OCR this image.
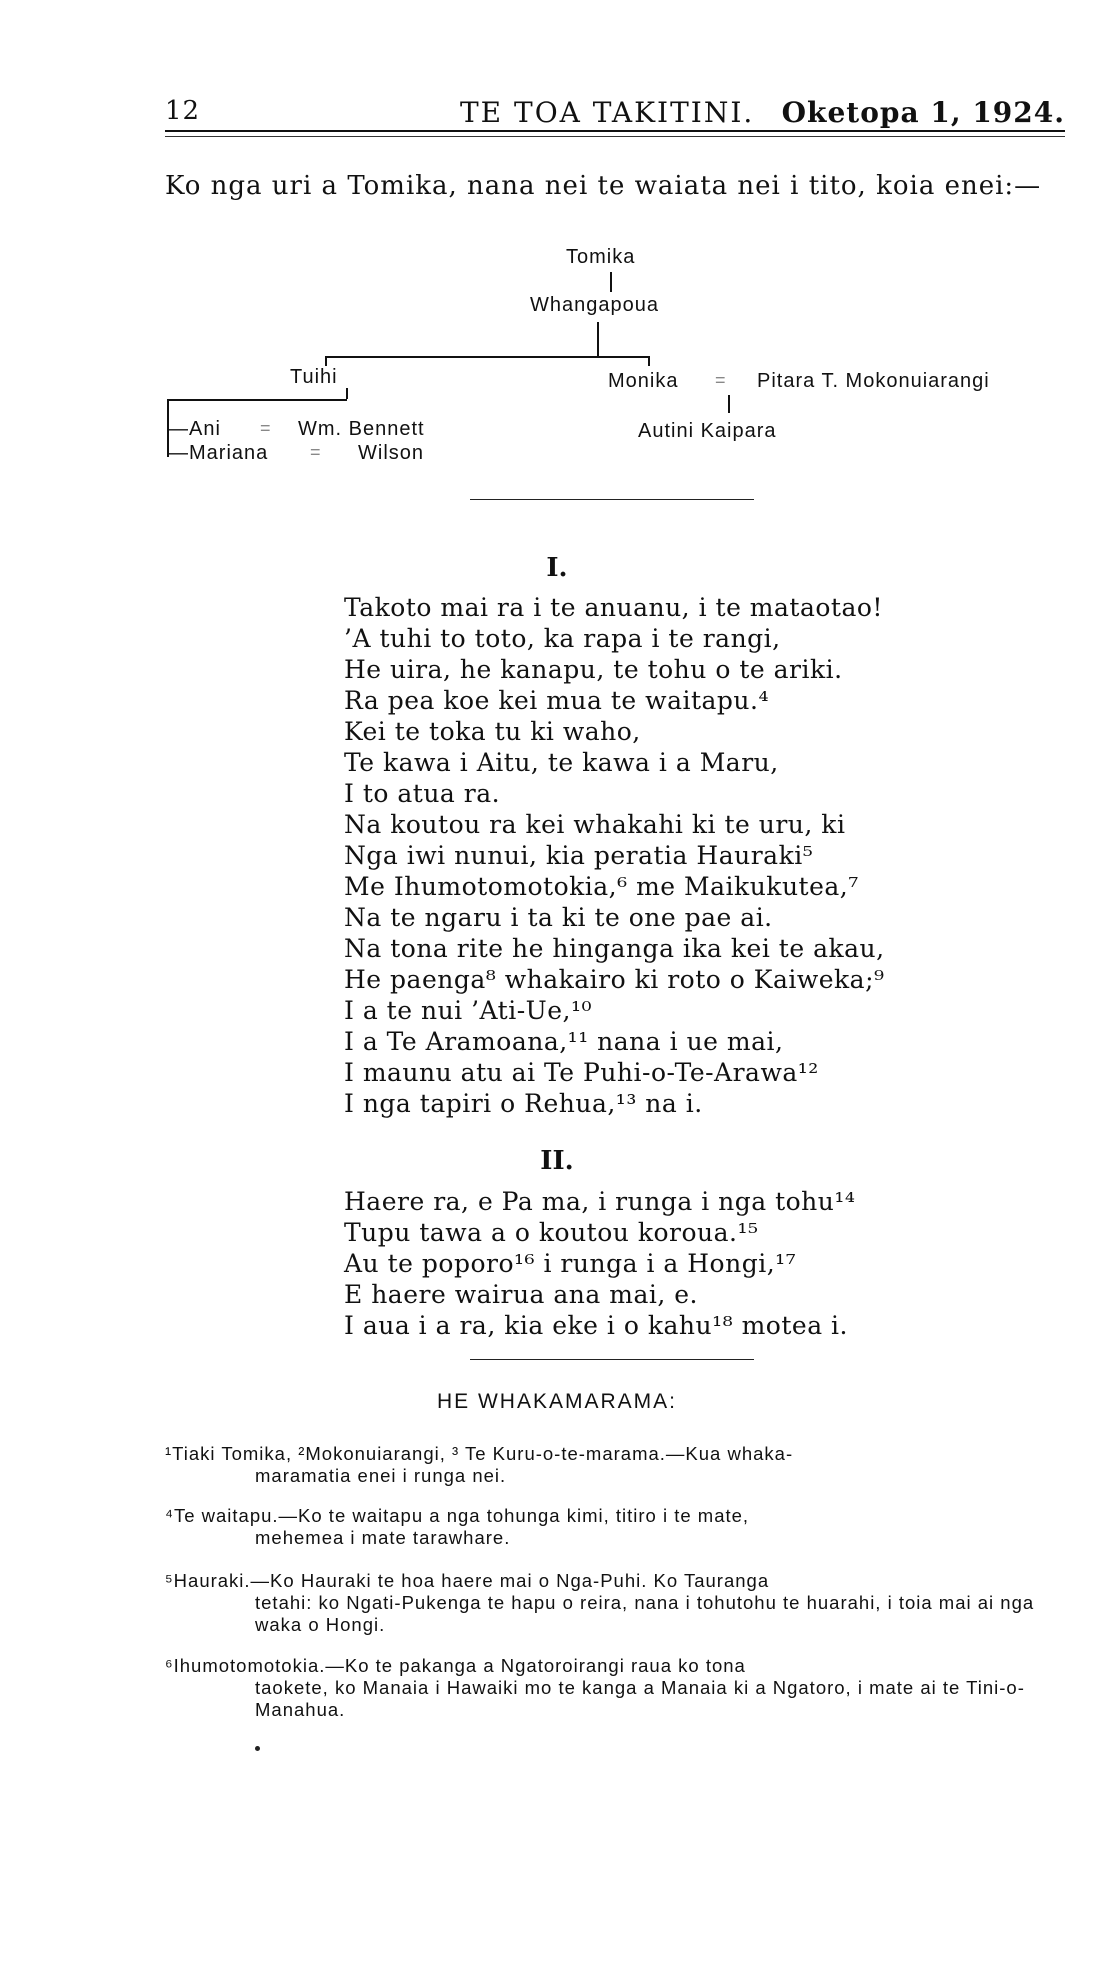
12	TE TOA TAKITINI. Oketopa 1, 1924.
Ko nga uri a Tomika, nana nei te waiata nei i tito, koia enei:—
Tomika
Whangapoua
Tuihi
—Ani = Wm. Bennett
—Mariana = Wilson
Monika = Pitara T. Mokonuiarangi
Autini Kaipara
I.
Takoto mai ra i te anuanu, i te mataotao!
’A tuhi to toto, ka rapa i te rangi,
He uira, he kanapu, te tohu o te ariki.
Ra pea koe kei mua te waitapu.⁴
Kei te toka tu ki waho,
Te kawa i Aitu, te kawa i a Maru,
I to atua ra.
Na koutou ra kei whakahi ki te uru, ki
Nga iwi nunui, kia peratia Hauraki⁵
Me Ihumotomotokia,⁶ me Maikukutea,⁷
Na te ngaru i ta ki te one pae ai.
Na tona rite he hinganga ika kei te akau,
He paenga⁸ whakairo ki roto o Kaiweka;⁹
I a te nui ’Ati-Ue,¹⁰
I a Te Aramoana,¹¹ nana i ue mai,
I maunu atu ai Te Puhi-o-Te-Arawa¹²
I nga tapiri o Rehua,¹³ na i.
II.
Haere ra, e Pa ma, i runga i nga tohu¹⁴
Tupu tawa a o koutou koroua.¹⁵
Au te poporo¹⁶ i runga i a Hongi,¹⁷
E haere wairua ana mai, e.
I aua i a ra, kia eke i o kahu¹⁸ motea i.
HE WHAKAMARAMA:
¹Tiaki Tomika, ²Mokonuiarangi, ³ Te Kuru-o-te-marama.—Kua whaka-
maramatia enei i runga nei.
⁴Te waitapu.—Ko te waitapu a nga tohunga kimi, titiro i te mate,
mehemea i mate tarawhare.
⁵Hauraki.—Ko Hauraki te hoa haere mai o Nga-Puhi. Ko Tauranga
tetahi: ko Ngati-Pukenga te hapu o reira, nana i tohutohu te huarahi, i toia mai ai nga waka o Hongi.
⁶Ihumotomotokia.—Ko te pakanga a Ngatoroirangi raua ko tona
taokete, ko Manaia i Hawaiki mo te kanga a Manaia ki a Ngatoro, i mate ai te Tini-o-Manahua.
